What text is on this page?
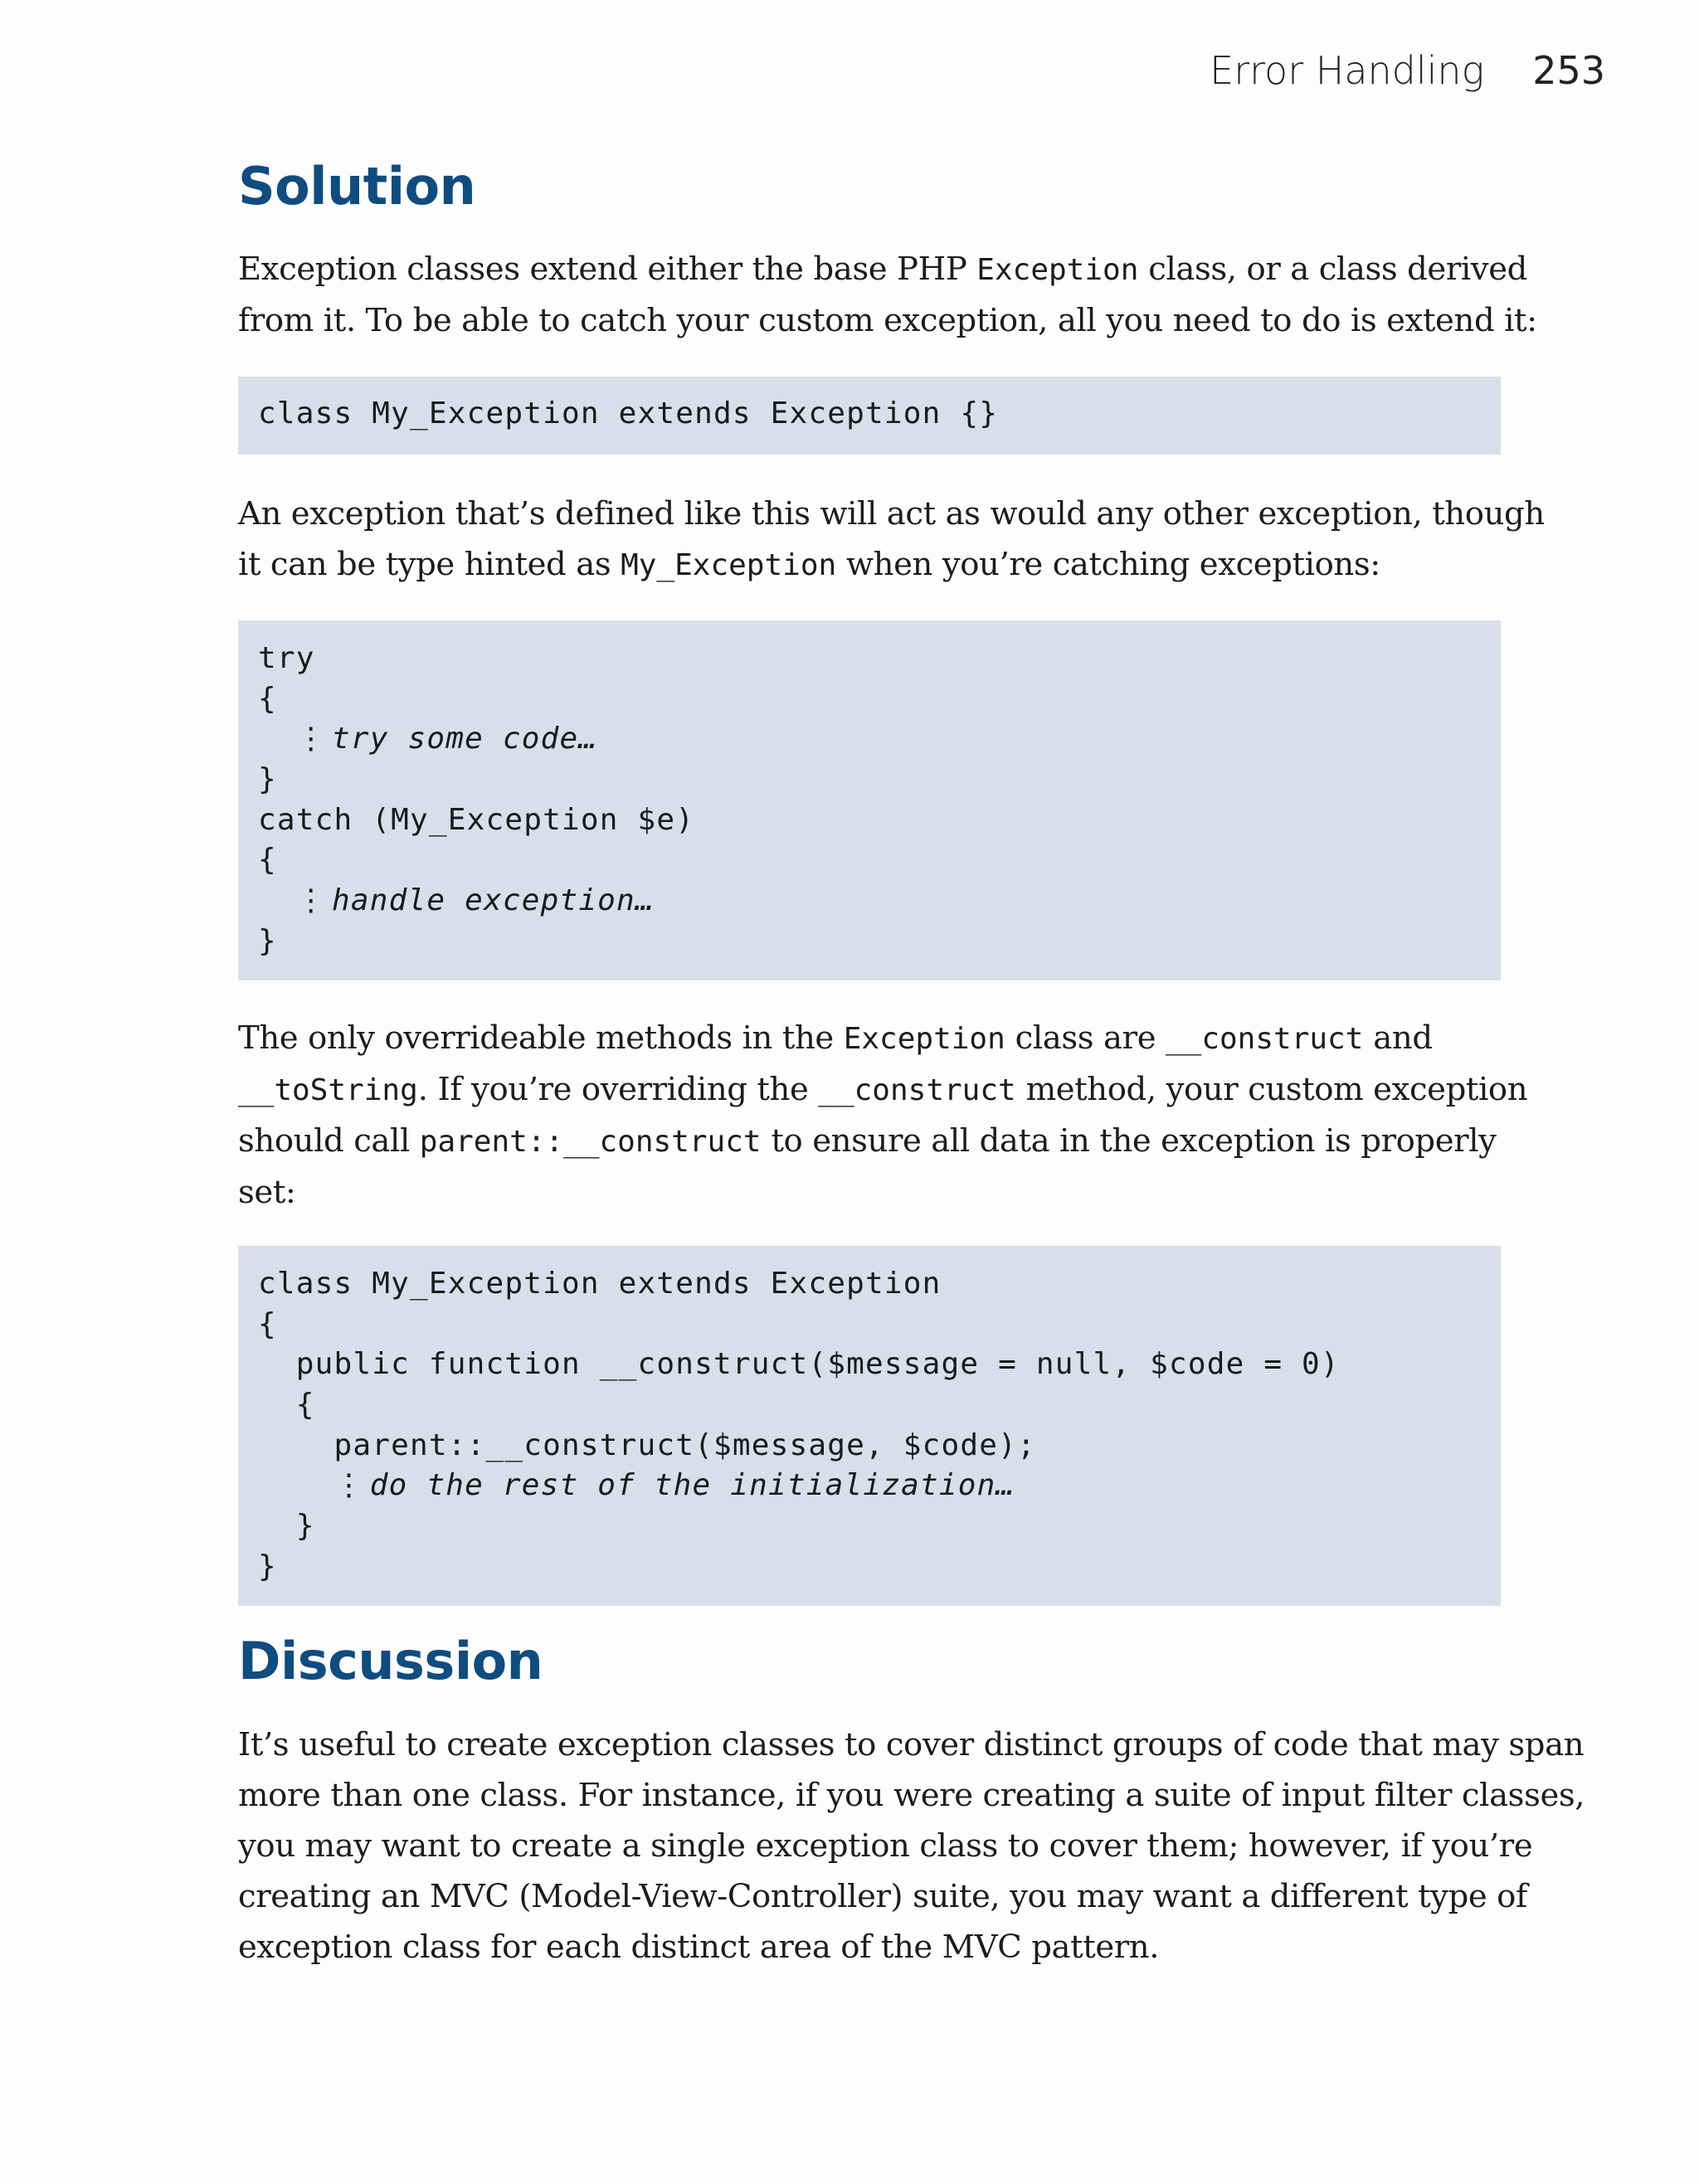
Error Handling 253
Solution

Exception classes extend either the base PHP Exception class, or a class derived
from it. To be able to catch your custom exception, all you need to do is extend it:

class My_Exception extends Exception {}

An exception that’s defined like this will act as would any other exception, though
it can be type hinted as My_Exception when you’re catching exceptions:

try
{
⋮ try some code…
}
catch (My_Exception $e)
{
⋮ handle exception…
}

The only overrideable methods in the Exception class are __construct and
__toString. If you’re overriding the __construct method, your custom exception
should call parent::__construct to ensure all data in the exception is properly
set:

class My_Exception extends Exception
{
public function __construct($message = null, $code = 0)
{
parent::__construct($message, $code);
⋮ do the rest of the initialization…
}
}
Discussion

It’s useful to create exception classes to cover distinct groups of code that may span
more than one class. For instance, if you were creating a suite of input filter classes,
you may want to create a single exception class to cover them; however, if you’re
creating an MVC (Model-View-Controller) suite, you may want a different type of
exception class for each distinct area of the MVC pattern.
